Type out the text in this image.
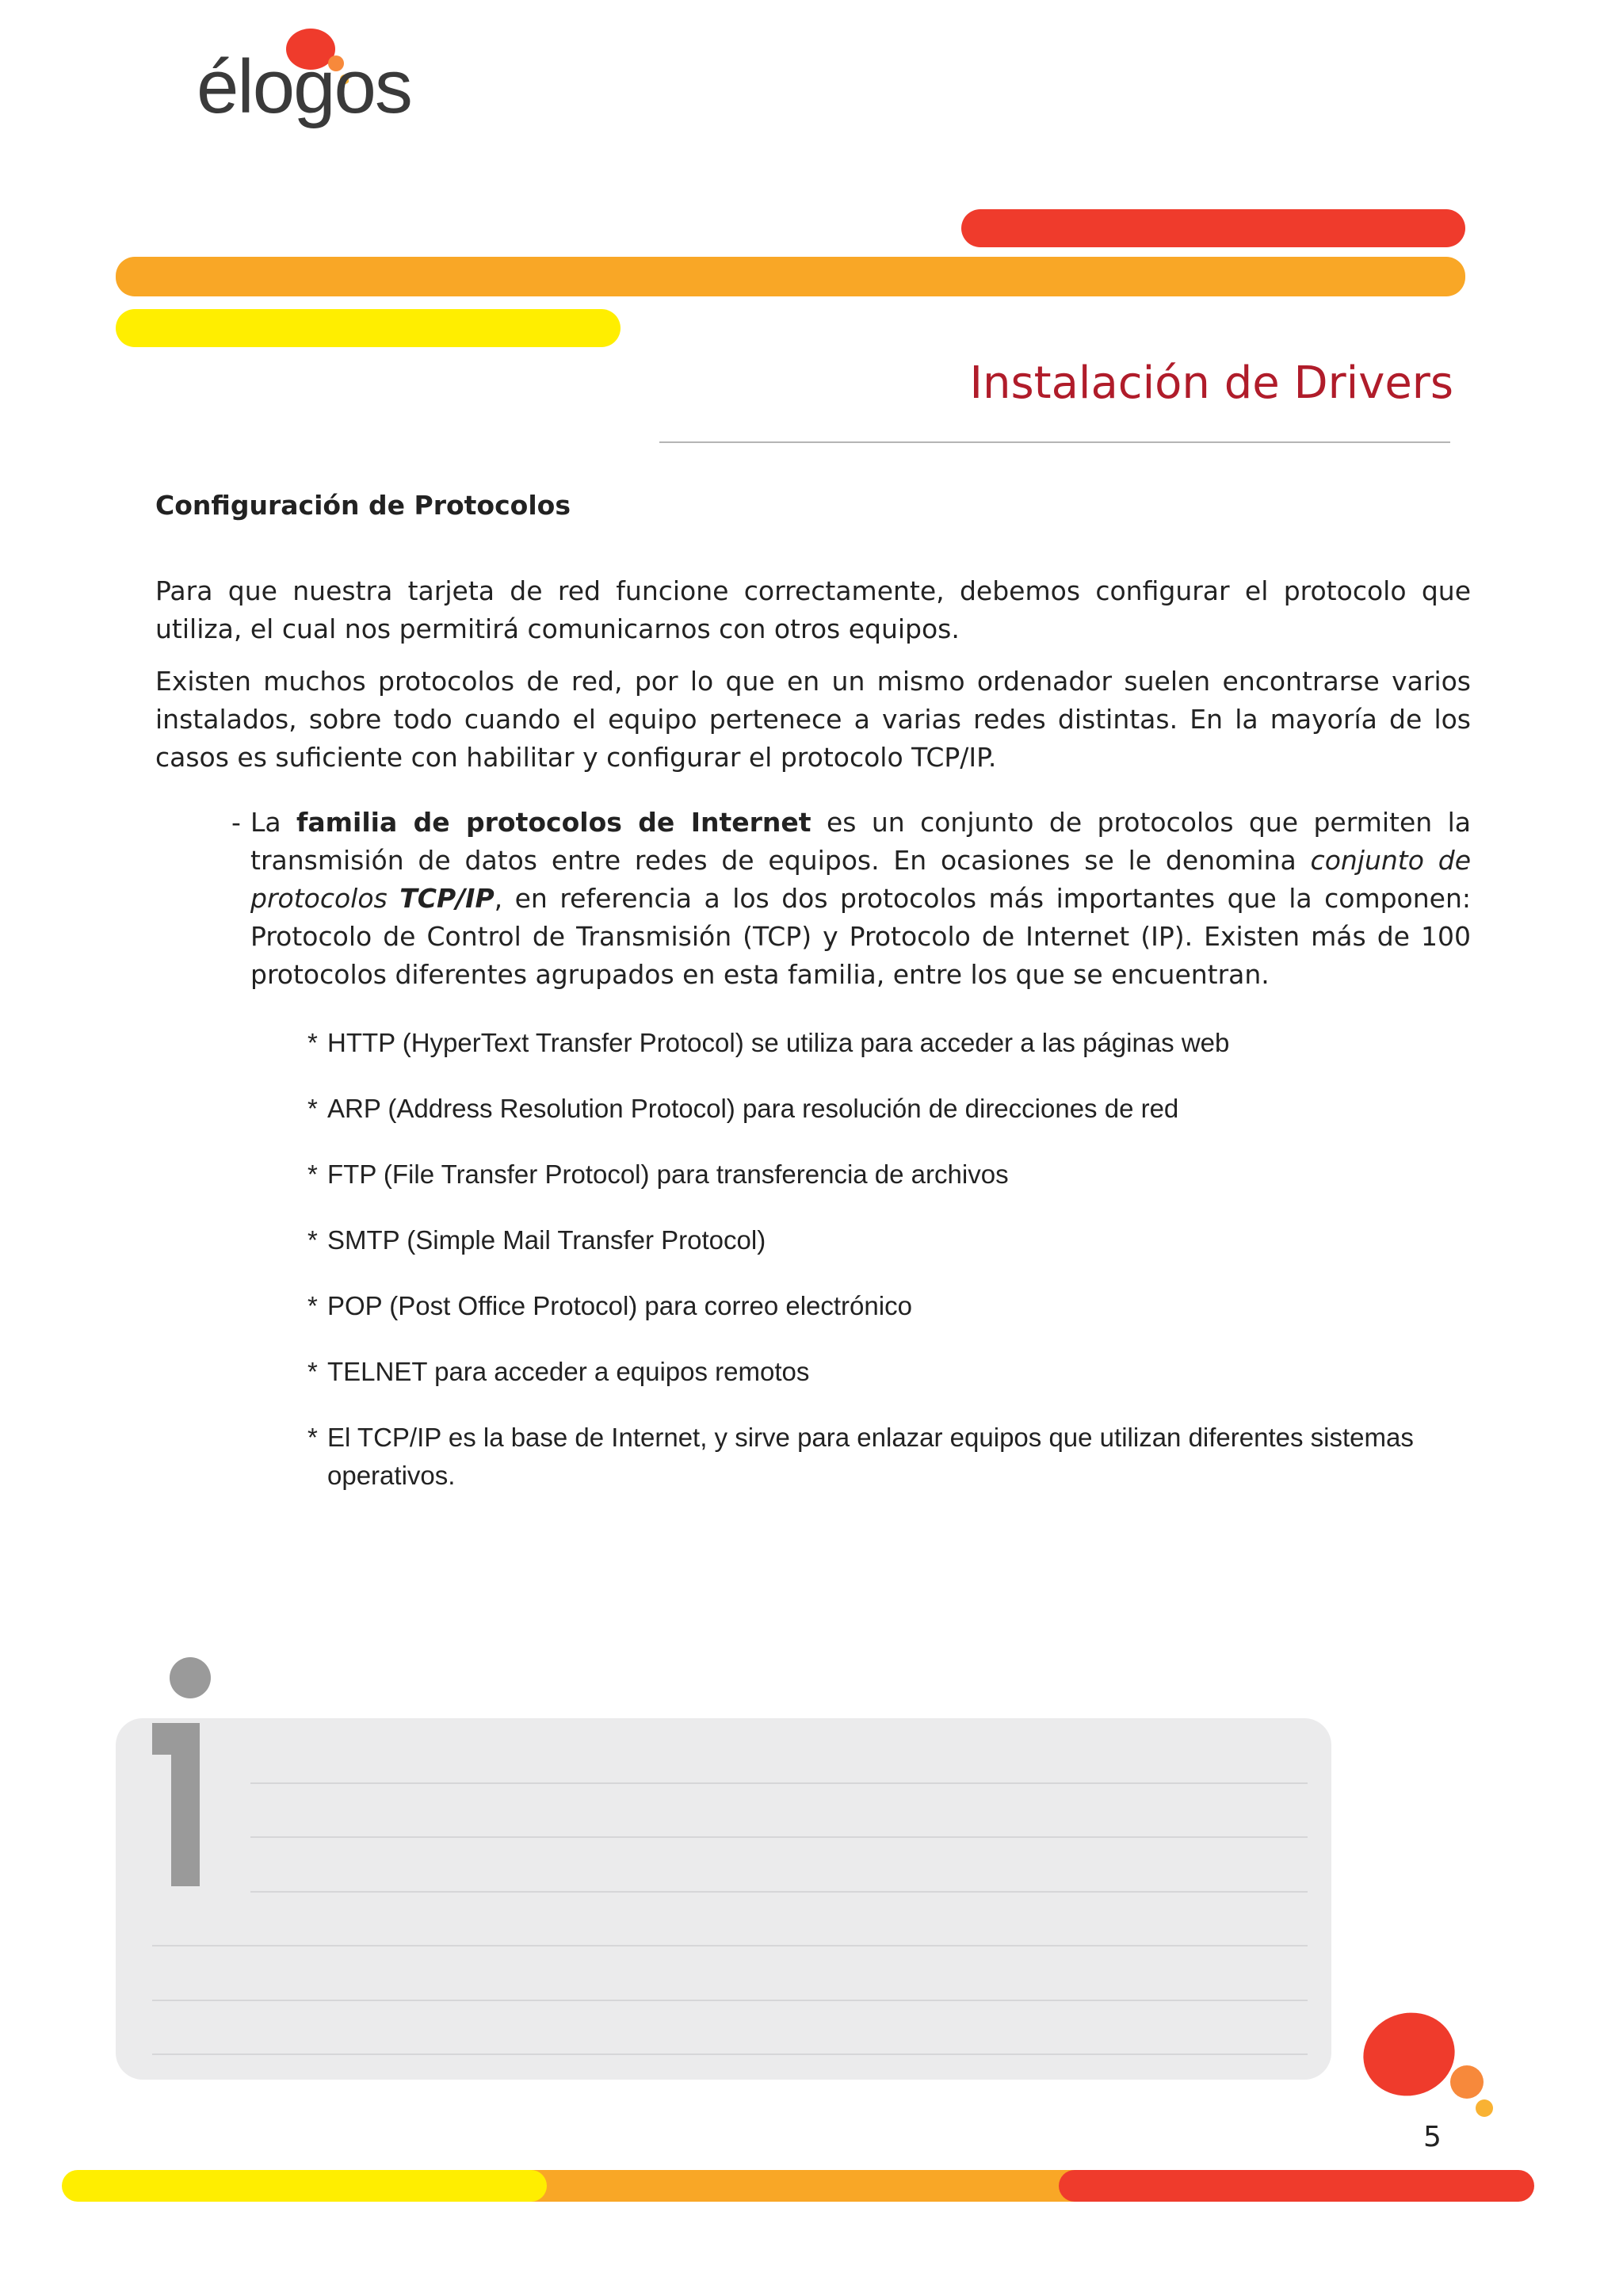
élogos
Instalación de Drivers
Configuración de Protocolos
Para que nuestra tarjeta de red funcione correctamente, debemos configurar el protocolo que utiliza, el cual nos permitirá comunicarnos con otros equipos.
Existen muchos protocolos de red, por lo que en un mismo ordenador suelen encontrarse varios instalados, sobre todo cuando el equipo pertenece a varias redes distintas. En la mayoría de los casos es suficiente con habilitar y configurar el protocolo TCP/IP.
- La familia de protocolos de Internet es un conjunto de protocolos que permiten la transmisión de datos entre redes de equipos. En ocasiones se le denomina conjunto de protocolos TCP/IP, en referencia a los dos protocolos más importantes que la componen: Protocolo de Control de Transmisión (TCP) y Protocolo de Internet (IP). Existen más de 100 protocolos diferentes agrupados en esta familia, entre los que se encuentran.
* HTTP (HyperText Transfer Protocol) se utiliza para acceder a las páginas web
* ARP (Address Resolution Protocol) para resolución de direcciones de red
* FTP (File Transfer Protocol) para transferencia de archivos
* SMTP (Simple Mail Transfer Protocol)
* POP (Post Office Protocol) para correo electrónico
* TELNET para acceder a equipos remotos
* El TCP/IP es la base de Internet, y sirve para enlazar equipos que utilizan diferentes sistemas operativos.
5
